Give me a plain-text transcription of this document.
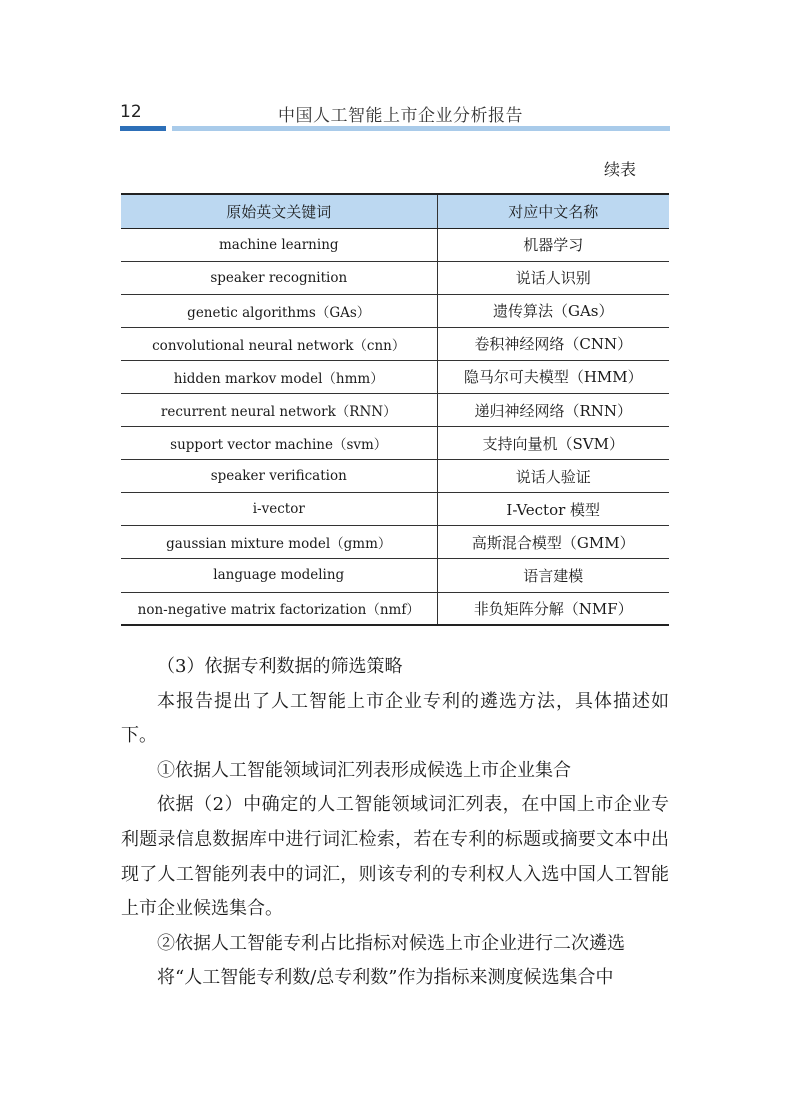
12	中国人工智能上市企业分析报告
续表
原始英文关键词	对应中文名称
machine learning	机器学习
speaker recognition	说话人识别
genetic algorithms（GAs）	遗传算法（GAs）
convolutional neural network（cnn）	卷积神经网络（CNN）
hidden markov model（hmm）	隐马尔可夫模型（HMM）
recurrent neural network（RNN）	递归神经网络（RNN）
support vector machine（svm）	支持向量机（SVM）
speaker verification	说话人验证
i-vector	I-Vector 模型
gaussian mixture model（gmm）	高斯混合模型（GMM）
language modeling	语言建模
non-negative matrix factorization（nmf）	非负矩阵分解（NMF）

（3）依据专利数据的筛选策略

本报告提出了人工智能上市企业专利的遴选方法，具体描述如下。

①依据人工智能领域词汇列表形成候选上市企业集合

依据（2）中确定的人工智能领域词汇列表，在中国上市企业专利题录信息数据库中进行词汇检索，若在专利的标题或摘要文本中出现了人工智能列表中的词汇，则该专利的专利权人入选中国人工智能上市企业候选集合。

②依据人工智能专利占比指标对候选上市企业进行二次遴选

将“人工智能专利数/总专利数”作为指标来测度候选集合中
